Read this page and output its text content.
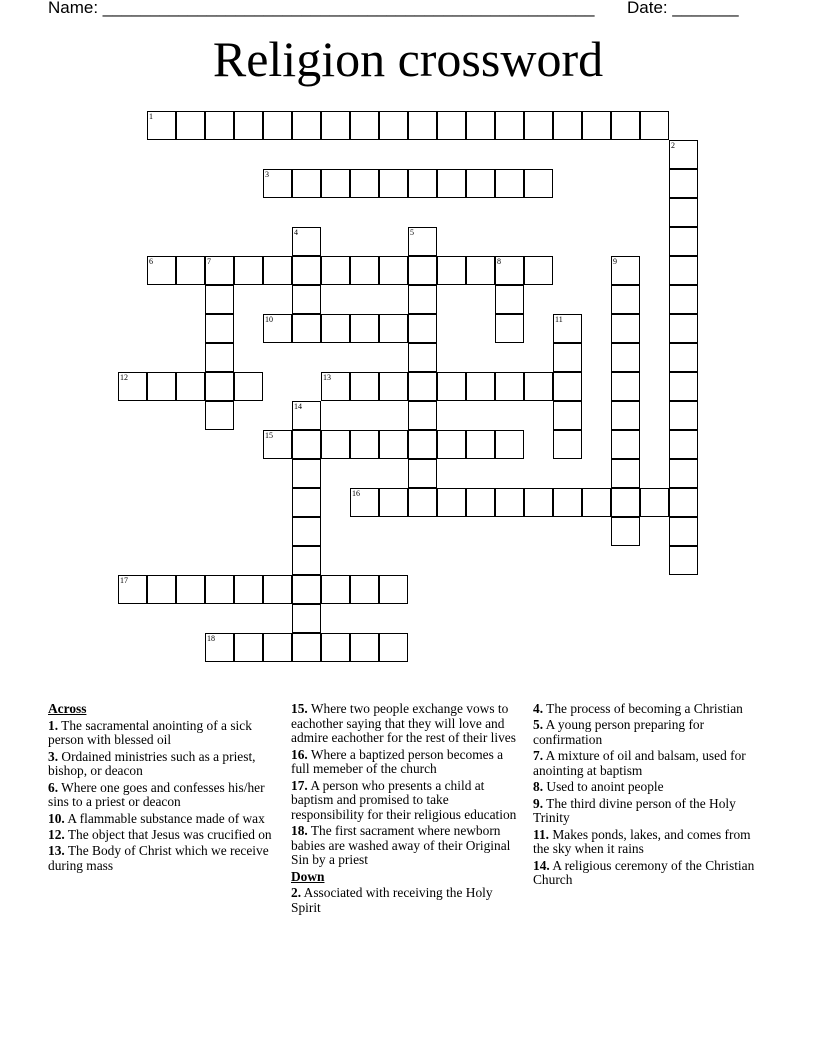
Name: ____________________________________________________ Date: _______
Religion crossword
1
2
3
4	5
6	7	8	9
10	11
12	13
14
15
16
17
18
Across
1. The sacramental anointing of a sick person with blessed oil
3. Ordained ministries such as a priest, bishop, or deacon
6. Where one goes and confesses his/her sins to a priest or deacon
10. A flammable substance made of wax
12. The object that Jesus was crucified on
13. The Body of Christ which we receive during mass
15. Where two people exchange vows to eachother saying that they will love and admire eachother for the rest of their lives
16. Where a baptized person becomes a full memeber of the church
17. A person who presents a child at baptism and promised to take responsibility for their religious education
18. The first sacrament where newborn babies are washed away of their Original Sin by a priest
Down
2. Associated with receiving the Holy Spirit
4. The process of becoming a Christian
5. A young person preparing for confirmation
7. A mixture of oil and balsam, used for anointing at baptism
8. Used to anoint people
9. The third divine person of the Holy Trinity
11. Makes ponds, lakes, and comes from the sky when it rains
14. A religious ceremony of the Christian Church
